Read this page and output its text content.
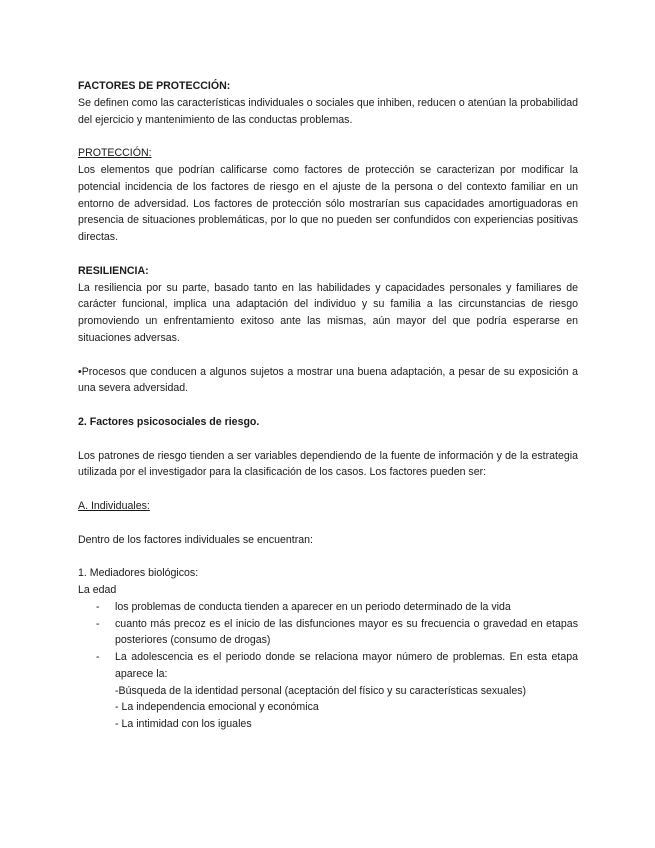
FACTORES DE PROTECCIÓN:

Se definen como las características individuales o sociales que inhiben, reducen o atenúan la probabilidad del ejercicio y mantenimiento de las conductas problemas.

PROTECCIÓN:

Los elementos que podrían calificarse como factores de protección se caracterizan por modificar la potencial incidencia de los factores de riesgo en el ajuste de la persona o del contexto familiar en un entorno de adversidad. Los factores de protección sólo mostrarían sus capacidades amortiguadoras en presencia de situaciones problemáticas, por lo que no pueden ser confundidos con experiencias positivas directas.

RESILIENCIA:

La resiliencia por su parte, basado tanto en las habilidades y capacidades personales y familiares de carácter funcional, implica una adaptación del individuo y su familia a las circunstancias de riesgo promoviendo un enfrentamiento exitoso ante las mismas, aún mayor del que podría esperarse en situaciones adversas.

•Procesos que conducen a algunos sujetos a mostrar una buena adaptación, a pesar de su exposición a una severa adversidad.

2. Factores psicosociales de riesgo.

Los patrones de riesgo tienden a ser variables dependiendo de la fuente de información y de la estrategia utilizada por el investigador para la clasificación de los casos. Los factores pueden ser:

A. Individuales:

Dentro de los factores individuales se encuentran:

1. Mediadores biológicos:

La edad

- los problemas de conducta tienden a aparecer en un periodo determinado de la vida
- cuanto más precoz es el inicio de las disfunciones mayor es su frecuencia o gravedad en etapas posteriores (consumo de drogas)
- La adolescencia es el periodo donde se relaciona mayor número de problemas. En esta etapa aparece la:

-Búsqueda de la identidad personal (aceptación del físico y su características sexuales)

- La independencia emocional y económica

- La intimidad con los iguales
